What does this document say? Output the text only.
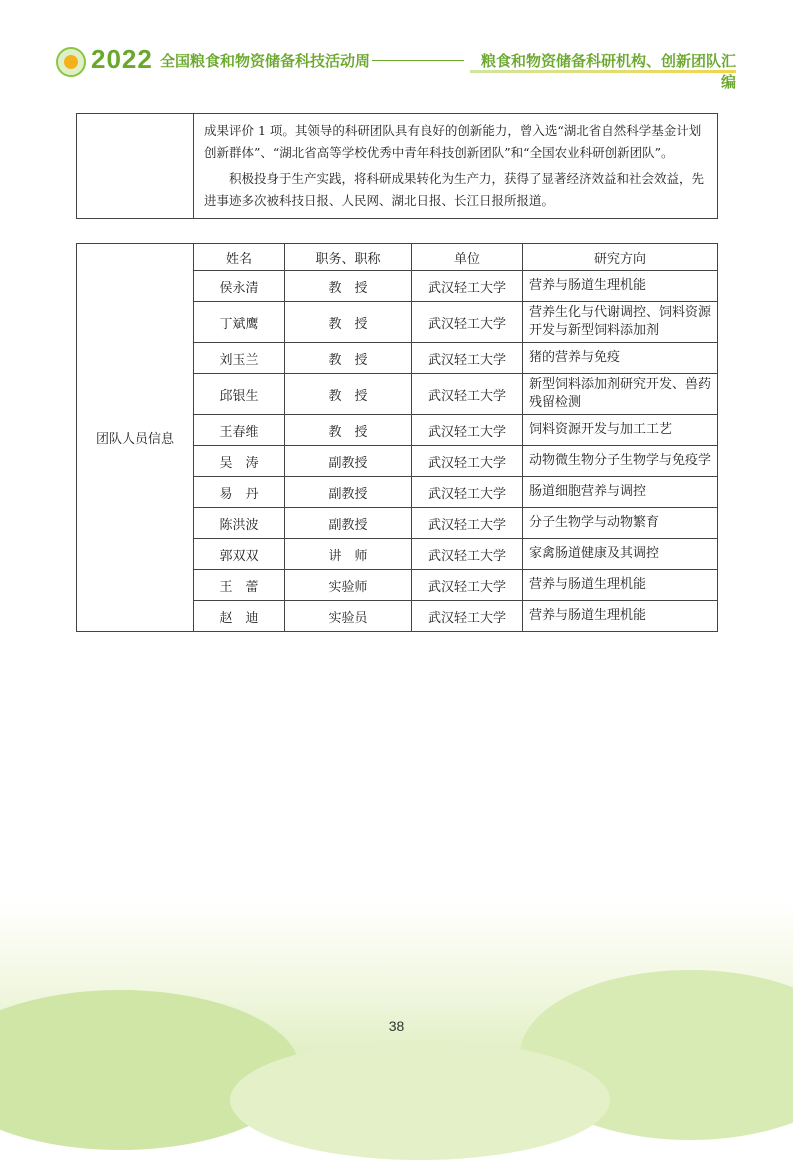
2022 全国粮食和物资储备科技活动周	粮食和物资储备科研机构、创新团队汇编

成果评价 1 项。其领导的科研团队具有良好的创新能力，曾入选“湖北省自然科学基金计划创新群体”、“湖北省高等学校优秀中青年科技创新团队”和“全国农业科研创新团队”。

积极投身于生产实践，将科研成果转化为生产力，获得了显著经济效益和社会效益，先进事迹多次被科技日报、人民网、湖北日报、长江日报所报道。

团队人员信息	姓名	职务、职称	单位	研究方向
	侯永清	教　授	武汉轻工大学	营养与肠道生理机能
	丁斌鹰	教　授	武汉轻工大学	营养生化与代谢调控、饲料资源开发与新型饲料添加剂
	刘玉兰	教　授	武汉轻工大学	猪的营养与免疫
	邱银生	教　授	武汉轻工大学	新型饲料添加剂研究开发、兽药残留检测
	王春维	教　授	武汉轻工大学	饲料资源开发与加工工艺
	吴　涛	副教授	武汉轻工大学	动物微生物分子生物学与免疫学
	易　丹	副教授	武汉轻工大学	肠道细胞营养与调控
	陈洪波	副教授	武汉轻工大学	分子生物学与动物繁育
	郭双双	讲　师	武汉轻工大学	家禽肠道健康及其调控
	王　蕾	实验师	武汉轻工大学	营养与肠道生理机能
	赵　迪	实验员	武汉轻工大学	营养与肠道生理机能
38
